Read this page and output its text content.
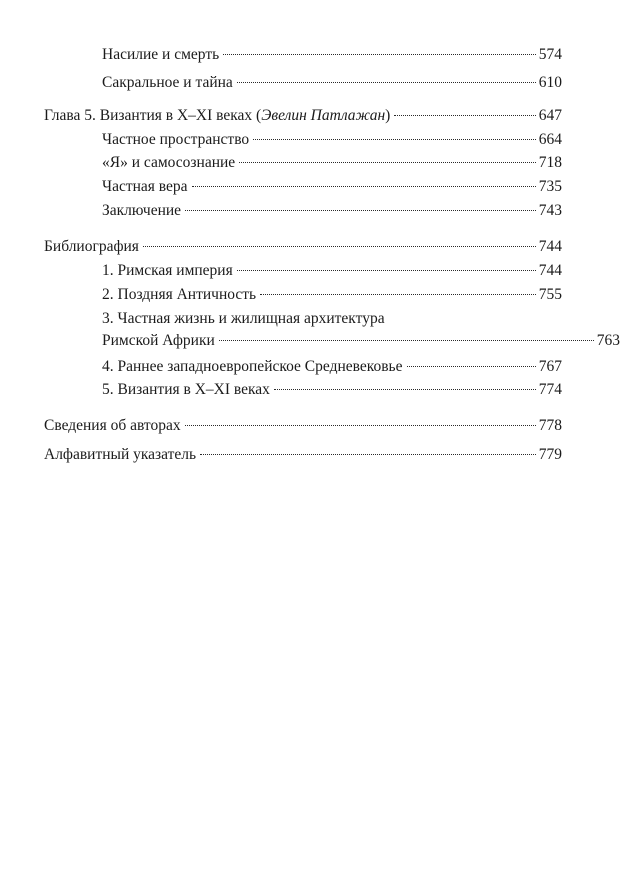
Насилие и смерть	574
Сакральное и тайна	610
Глава 5. Византия в X–XI веках (Эвелин Патлажан)	647
Частное пространство	664
«Я» и самосознание	718
Частная вера	735
Заключение	743
Библиография	744
1. Римская империя	744
2. Поздняя Античность	755
3. Частная жизнь и жилищная архитектура
Римской Африки	763
4. Раннее западноевропейское Средневековье	767
5. Византия в X–XI веках	774
Сведения об авторах	778
Алфавитный указатель	779
